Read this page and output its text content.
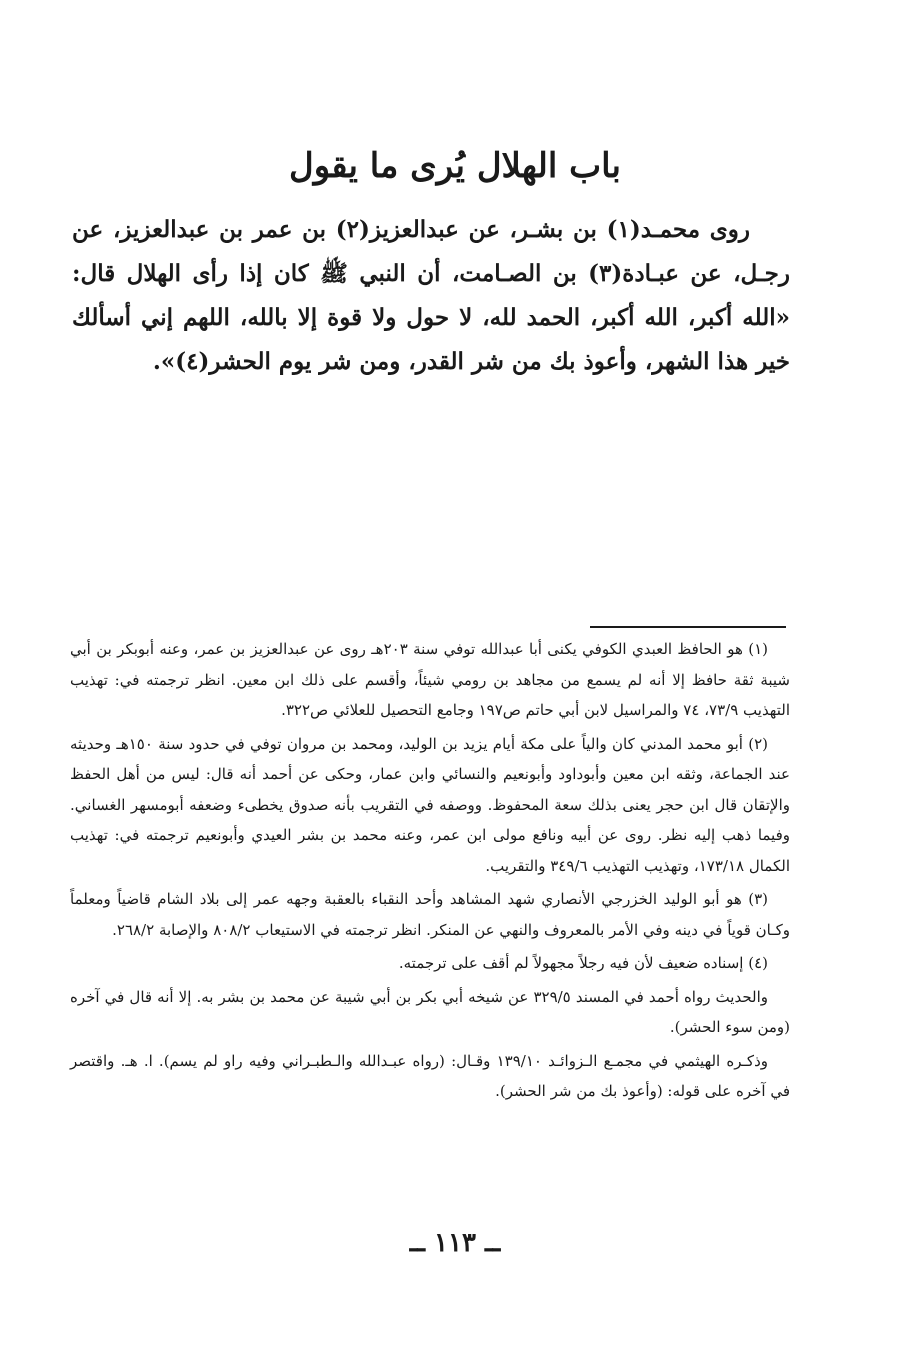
باب الهلال يُرى ما يقول

روى محمـد(١) بن بشـر، عن عبدالعزيز(٢) بن عمر بن عبدالعزيز، عن رجـل، عن عبـادة(٣) بن الصـامت، أن النبي ﷺ كان إذا رأى الهلال قال: «الله أكبر، الله أكبر، الحمد لله، لا حول ولا قوة إلا بالله، اللهم إني أسألك خير هذا الشهر، وأعوذ بك من شر القدر، ومن شر يوم الحشر(٤)».

(١) هو الحافظ العبدي الكوفي يكنى أبا عبدالله توفي سنة ٢٠٣هـ روى عن عبدالعزيز بن عمر، وعنه أبوبكر بن أبي شيبة ثقة حافظ إلا أنه لم يسمع من مجاهد بن رومي شيئاً، وأقسم على ذلك ابن معين. انظر ترجمته في: تهذيب التهذيب ٧٣/٩، ٧٤ والمراسيل لابن أبي حاتم ص١٩٧ وجامع التحصيل للعلائي ص٣٢٢.

(٢) أبو محمد المدني كان والياً على مكة أيام يزيد بن الوليد، ومحمد بن مروان توفي في حدود سنة ١٥٠هـ وحديثه عند الجماعة، وثقه ابن معين وأبوداود وأبونعيم والنسائي وابن عمار، وحكى عن أحمد أنه قال: ليس من أهل الحفظ والإتقان قال ابن حجر يعنى بذلك سعة المحفوظ. ووصفه في التقريب بأنه صدوق يخطىء وضعفه أبومسهر الغساني. وفيما ذهب إليه نظر. روى عن أبيه ونافع مولى ابن عمر، وعنه محمد بن بشر العيدي وأبونعيم ترجمته في: تهذيب الكمال ١٧٣/١٨، وتهذيب التهذيب ٣٤٩/٦ والتقريب.

(٣) هو أبو الوليد الخزرجي الأنصاري شهد المشاهد وأحد النقباء بالعقبة وجهه عمر إلى بلاد الشام قاضياً ومعلماً وكـان قوياً في دينه وفي الأمر بالمعروف والنهي عن المنكر. انظر ترجمته في الاستيعاب ٨٠٨/٢ والإصابة ٢٦٨/٢.

(٤) إسناده ضعيف لأن فيه رجلاً مجهولاً لم أقف على ترجمته.

والحديث رواه أحمد في المسند ٣٢٩/٥ عن شيخه أبي بكر بن أبي شيبة عن محمد بن بشر به. إلا أنه قال في آخره (ومن سوء الحشر).

وذكـره الهيثمي في مجمـع الـزوائـد ١٣٩/١٠ وقـال: (رواه عبـدالله والـطبـراني وفيه راو لم يسم). ا. هـ. واقتصر في آخره على قوله: (وأعوذ بك من شر الحشر).

ــ ١١٣ ــ
